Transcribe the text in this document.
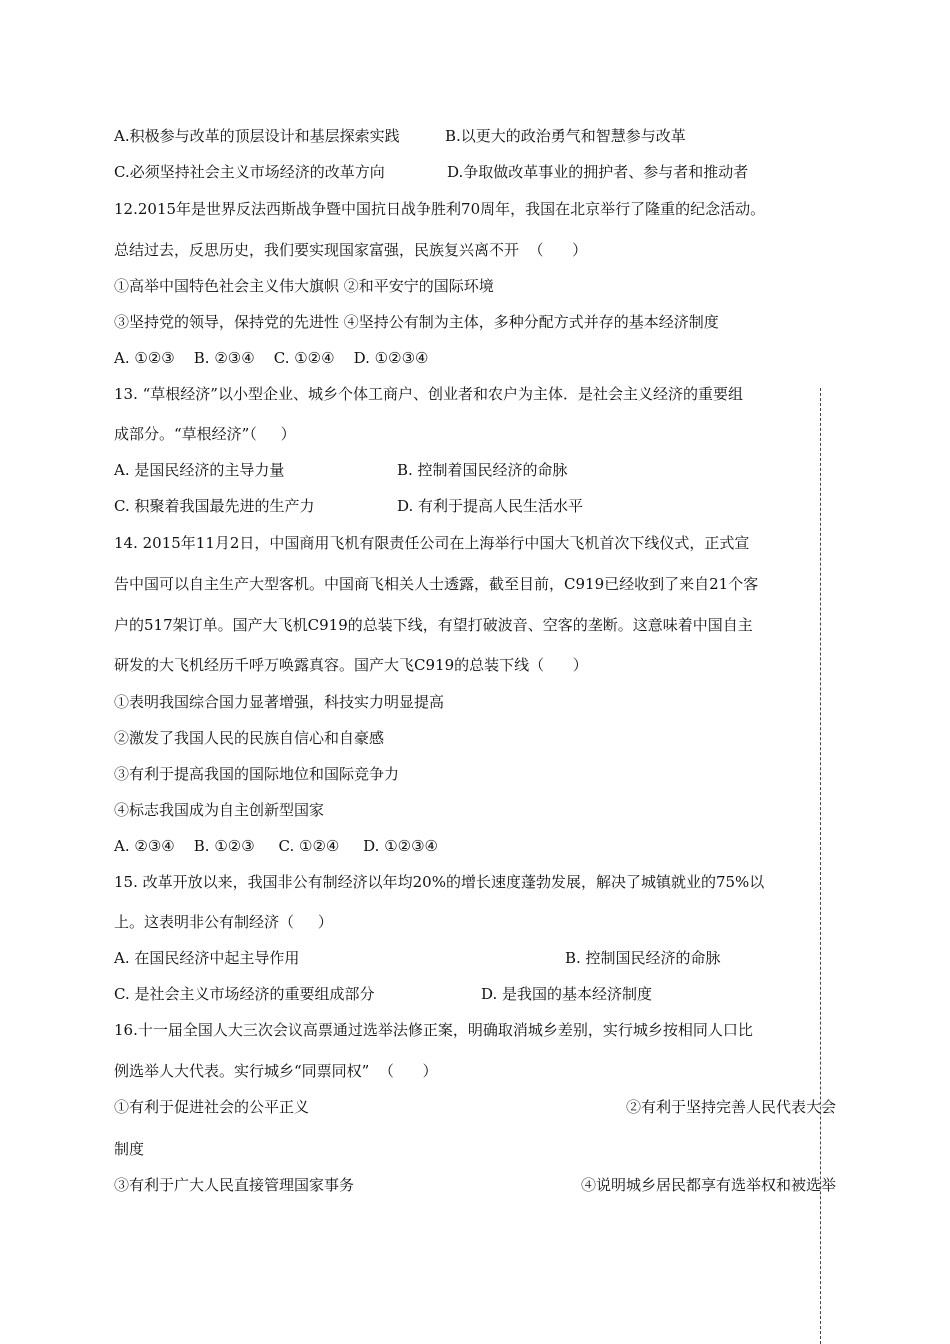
A.积极参与改革的顶层设计和基层探索实践	B.以更大的政治勇气和智慧参与改革
C.必须坚持社会主义市场经济的改革方向	D.争取做改革事业的拥护者、参与者和推动者
12.2015年是世界反法西斯战争暨中国抗日战争胜利70周年，我国在北京举行了隆重的纪念活动。
总结过去，反思历史，我们要实现国家富强，民族复兴离不开  （      ）
①高举中国特色社会主义伟大旗帜 ②和平安宁的国际环境
③坚持党的领导，保持党的先进性 ④坚持公有制为主体，多种分配方式并存的基本经济制度
A. ①②③    B. ②③④    C. ①②④    D. ①②③④
13. “草根经济”以小型企业、城乡个体工商户、创业者和农户为主体．是社会主义经济的重要组
成部分。“草根经济”（     ）
A. 是国民经济的主导力量	B. 控制着国民经济的命脉
C. 积聚着我国最先进的生产力	D. 有利于提高人民生活水平
14. 2015年11月2日，中国商用飞机有限责任公司在上海举行中国大飞机首次下线仪式，正式宣
告中国可以自主生产大型客机。中国商飞相关人士透露，截至目前，C919已经收到了来自21个客
户的517架订单。国产大飞机C919的总装下线，有望打破波音、空客的垄断。这意味着中国自主
研发的大飞机经历千呼万唤露真容。国产大飞C919的总装下线（      ）
①表明我国综合国力显著增强，科技实力明显提高
②激发了我国人民的民族自信心和自豪感
③有利于提高我国的国际地位和国际竞争力
④标志我国成为自主创新型国家
A. ②③④    B. ①②③     C. ①②④     D. ①②③④
15. 改革开放以来，我国非公有制经济以年均20%的增长速度蓬勃发展，解决了城镇就业的75%以
上。这表明非公有制经济（     ）
A. 在国民经济中起主导作用	B. 控制国民经济的命脉
C. 是社会主义市场经济的重要组成部分	D. 是我国的基本经济制度
16.十一届全国人大三次会议高票通过选举法修正案，明确取消城乡差别，实行城乡按相同人口比
例选举人大代表。实行城乡“同票同权”  （      ）
①有利于促进社会的公平正义	②有利于坚持完善人民代表大会
制度
③有利于广大人民直接管理国家事务	④说明城乡居民都享有选举权和被选举
